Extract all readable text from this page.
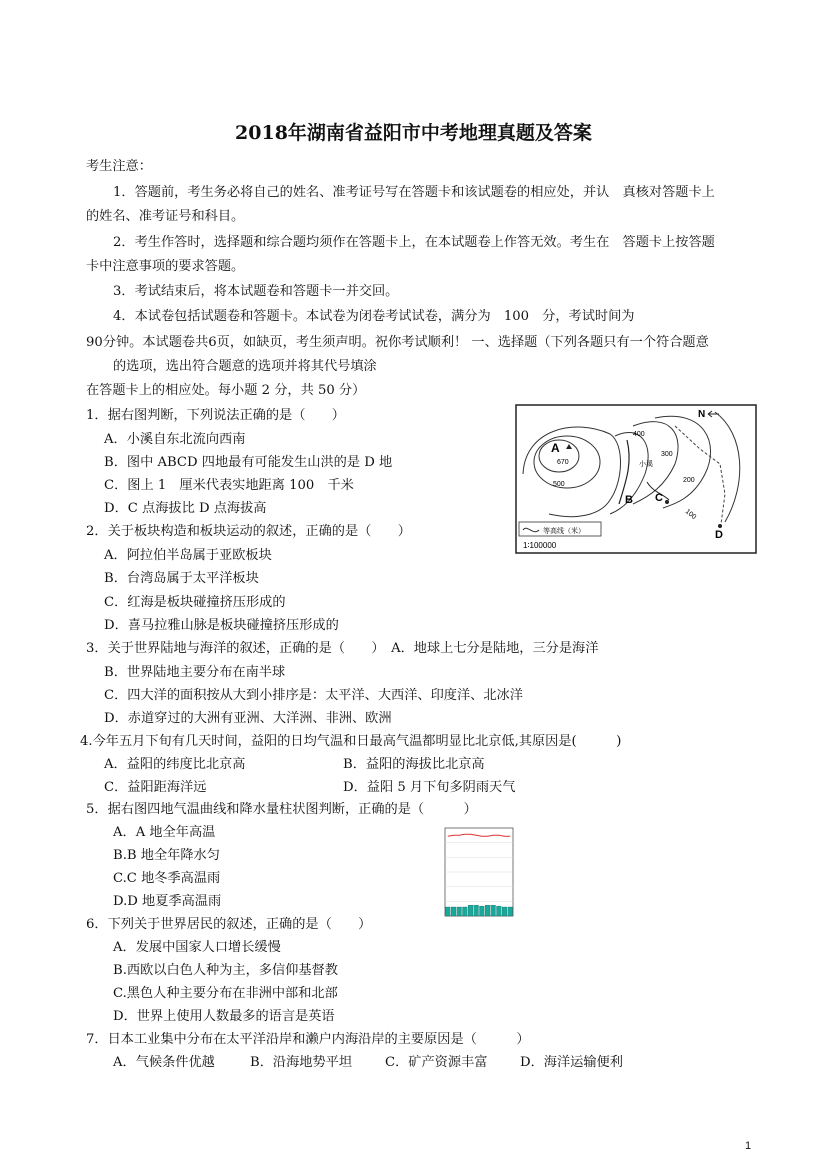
2018年湖南省益阳市中考地理真题及答案
考生注意：
1．答题前，考生务必将自己的姓名、准考证号写在答题卡和该试题卷的相应处，并认　真核对答题卡上
的姓名、准考证号和科目。
2．考生作答时，选择题和综合题均须作在答题卡上，在本试题卷上作答无效。考生在　答题卡上按答题
卡中注意事项的要求答题。
3．考试结束后，将本试题卷和答题卡一并交回。
4．本试卷包括试题卷和答题卡。本试卷为闭卷考试试卷，满分为　100　分，考试时间为
90分钟。本试题卷共6页，如缺页，考生须声明。祝你考试顺利！ 一、选择题（下列各题只有一个符合题意
的选项，选出符合题意的选项并将其代号填涂
在答题卡上的相应处。每小题 2 分，共 50 分）
1．据右图判断，下列说法正确的是（　　）
A．小溪自东北流向西南
B．图中 ABCD 四地最有可能发生山洪的是 D 地
C．图上 1　厘米代表实地距离 100　千米
D．C 点海拔比 D 点海拔高
2．关于板块构造和板块运动的叙述，正确的是（　　）
A．阿拉伯半岛属于亚欧板块
B．台湾岛属于太平洋板块
C．红海是板块碰撞挤压形成的
D．喜马拉雅山脉是板块碰撞挤压形成的
3．关于世界陆地与海洋的叙述，正确的是（　　）　A．地球上七分是陆地，三分是海洋
B．世界陆地主要分布在南半球
C．四大洋的面积按从大到小排序是：太平洋、大西洋、印度洋、北冰洋
D．赤道穿过的大洲有亚洲、大洋洲、非洲、欧洲
4.今年五月下旬有几天时间，益阳的日均气温和日最高气温都明显比北京低,其原因是(　　　)
A．益阳的纬度比北京高	B．益阳的海拔比北京高
C．益阳距海洋远	D．益阳 5 月下旬多阴雨天气
5．据右图四地气温曲线和降水量柱状图判断，正确的是（　　　）
A．A 地全年高温
B.B 地全年降水匀
C.C 地冬季高温雨
D.D 地夏季高温雨
6．下列关于世界居民的叙述，正确的是（　　）
A．发展中国家人口增长缓慢
B.西欧以白色人种为主，多信仰基督教
C.黑色人种主要分布在非洲中部和北部
D．世界上使用人数最多的语言是英语
7．日本工业集中分布在太平洋沿岸和濑户内海沿岸的主要原因是（　　　）
A．气候条件优越	B．沿海地势平坦 C．矿产资源丰富 D．海洋运输便利
N
A
670
500
400
300
200
100
小溪
B C
D
等高线（米）
1∶100000
1
